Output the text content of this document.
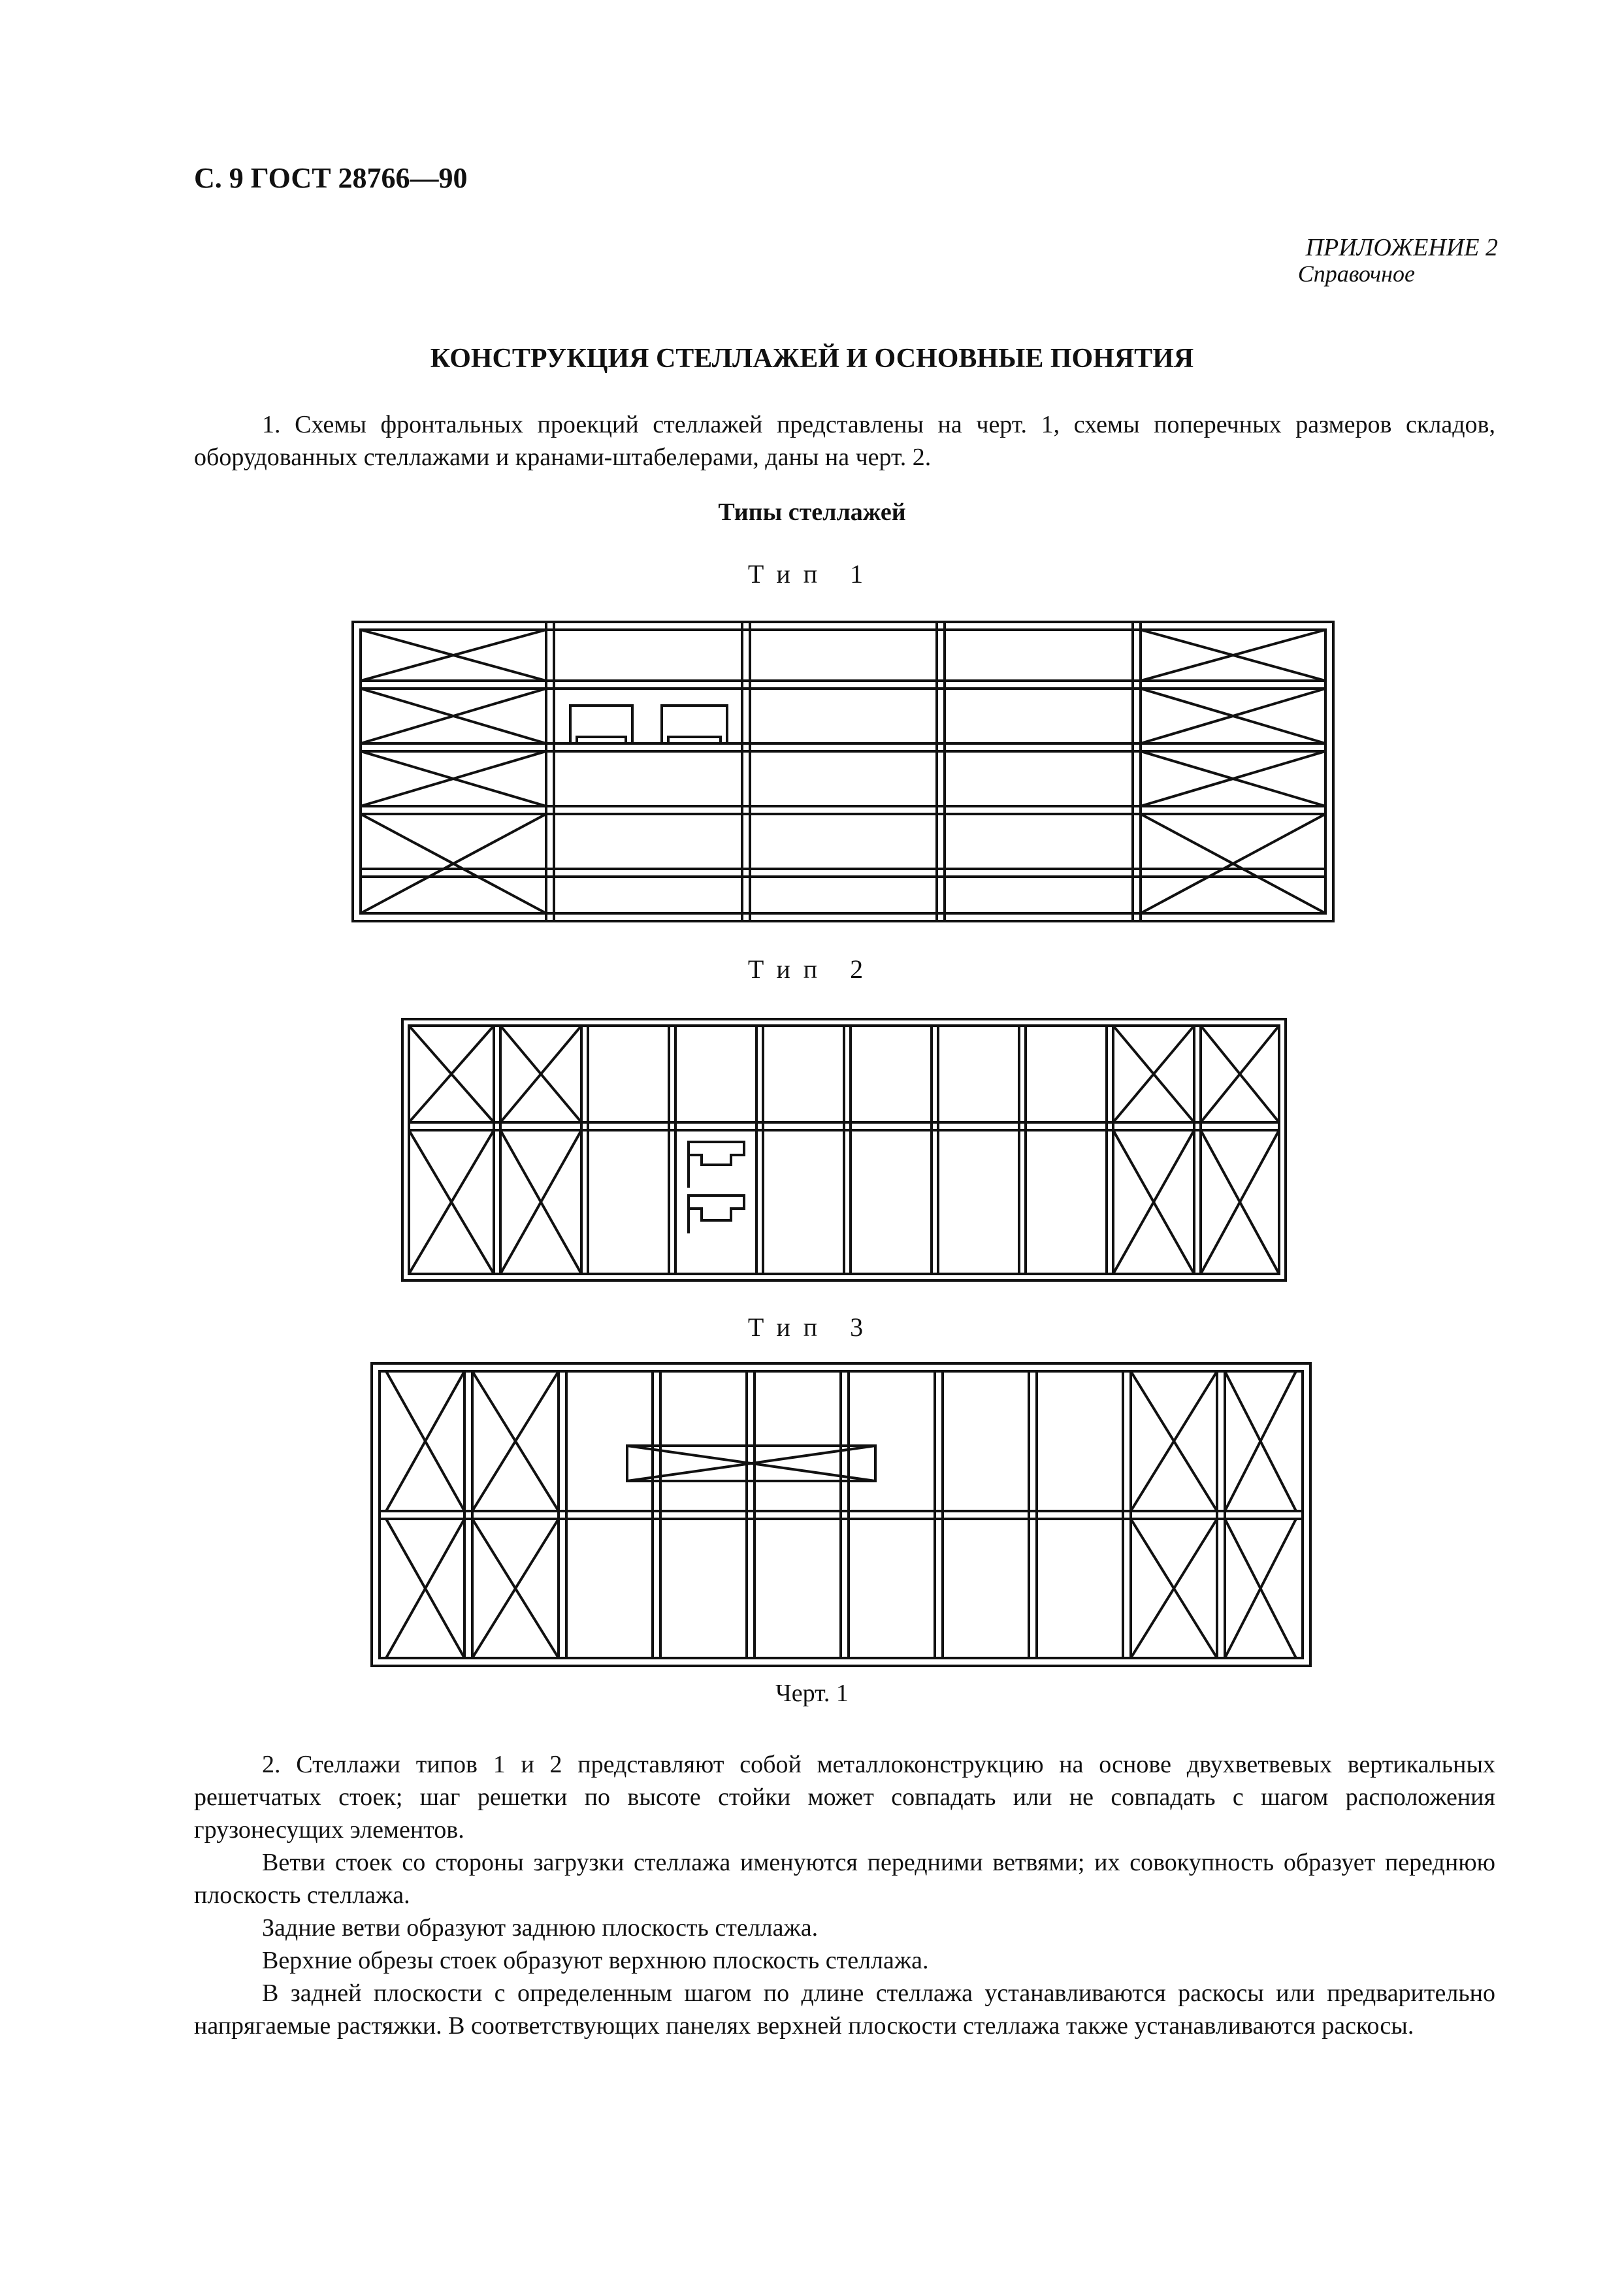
С. 9 ГОСТ 28766—90
ПРИЛОЖЕНИЕ 2
Справочное
КОНСТРУКЦИЯ СТЕЛЛАЖЕЙ И ОСНОВНЫЕ ПОНЯТИЯ

1. Схемы фронтальных проекций стеллажей представлены на черт. 1, схемы поперечных размеров складов, оборудованных стеллажами и кранами-штабелерами, даны на черт. 2.

Типы стеллажей
Тип 1
Тип 2
Тип 3
Черт. 1

2. Стеллажи типов 1 и 2 представляют собой металлоконструкцию на основе двухветвевых вертикальных решетчатых стоек; шаг решетки по высоте стойки может совпадать или не совпадать с шагом расположения грузонесущих элементов.

Ветви стоек со стороны загрузки стеллажа именуются передними ветвями; их совокупность образует переднюю плоскость стеллажа.

Задние ветви образуют заднюю плоскость стеллажа.

Верхние обрезы стоек образуют верхнюю плоскость стеллажа.

В задней плоскости с определенным шагом по длине стеллажа устанавливаются раскосы или предварительно напрягаемые растяжки. В соответствующих панелях верхней плоскости стеллажа также устанавливаются раскосы.
